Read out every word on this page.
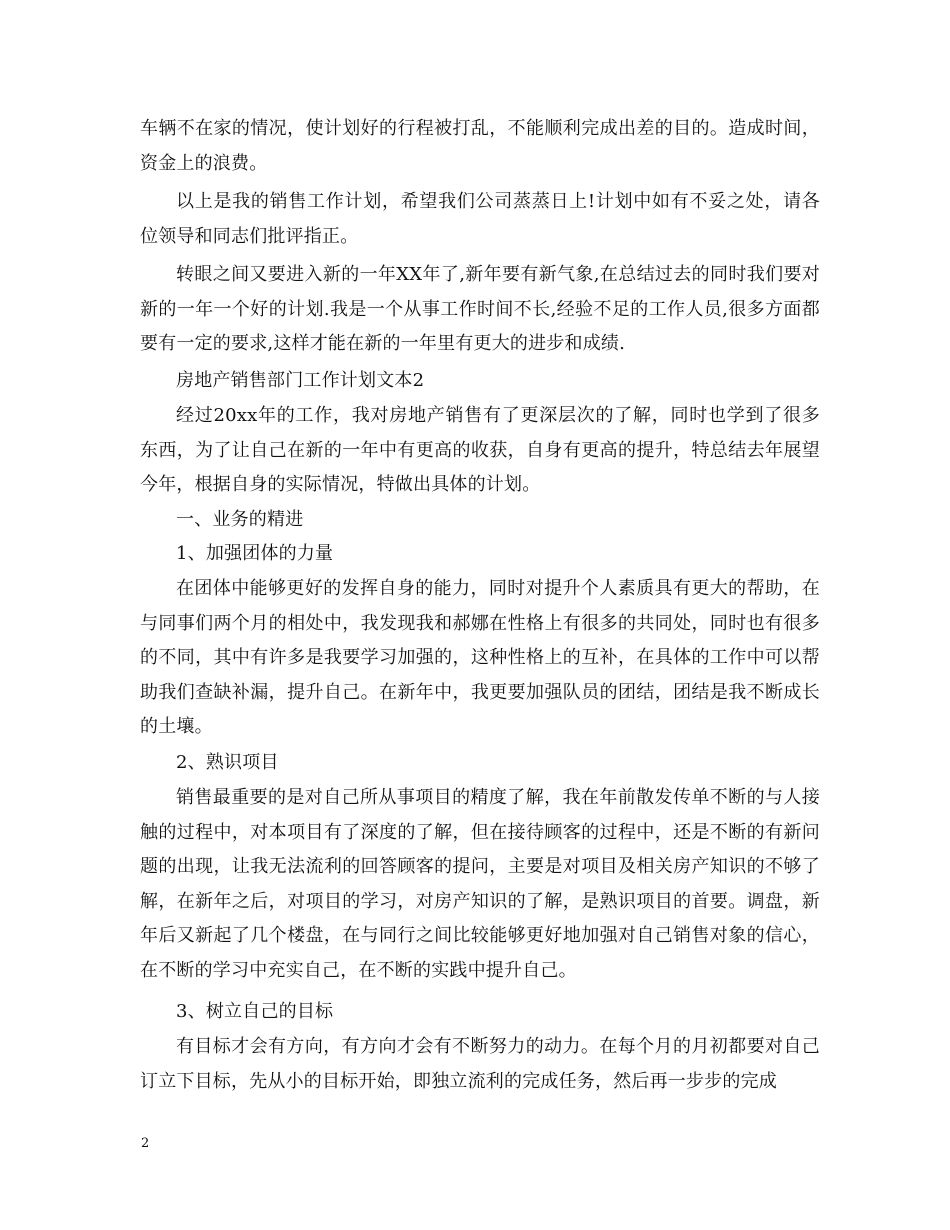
车辆不在家的情况，使计划好的行程被打乱，不能顺利完成出差的目的。造成时间，资金上的浪费。

以上是我的销售工作计划，希望我们公司蒸蒸日上!计划中如有不妥之处，请各位领导和同志们批评指正。

转眼之间又要进入新的一年XX年了,新年要有新气象,在总结过去的同时我们要对新的一年一个好的计划.我是一个从事工作时间不长,经验不足的工作人员,很多方面都要有一定的要求,这样才能在新的一年里有更大的进步和成绩.

房地产销售部门工作计划文本2

经过20xx年的工作，我对房地产销售有了更深层次的了解，同时也学到了很多东西，为了让自己在新的一年中有更高的收获，自身有更高的提升，特总结去年展望今年，根据自身的实际情况，特做出具体的计划。

一、业务的精进

1、加强团体的力量

在团体中能够更好的发挥自身的能力，同时对提升个人素质具有更大的帮助，在与同事们两个月的相处中，我发现我和郝娜在性格上有很多的共同处，同时也有很多的不同，其中有许多是我要学习加强的，这种性格上的互补，在具体的工作中可以帮助我们查缺补漏，提升自己。在新年中，我更要加强队员的团结，团结是我不断成长的土壤。

2、熟识项目

销售最重要的是对自己所从事项目的精度了解，我在年前散发传单不断的与人接触的过程中，对本项目有了深度的了解，但在接待顾客的过程中，还是不断的有新问题的出现，让我无法流利的回答顾客的提问，主要是对项目及相关房产知识的不够了解，在新年之后，对项目的学习，对房产知识的了解，是熟识项目的首要。调盘，新年后又新起了几个楼盘，在与同行之间比较能够更好地加强对自己销售对象的信心，在不断的学习中充实自己，在不断的实践中提升自己。

3、树立自己的目标

有目标才会有方向，有方向才会有不断努力的动力。在每个月的月初都要对自己订立下目标，先从小的目标开始，即独立流利的完成任务，然后再一步步的完成

2
